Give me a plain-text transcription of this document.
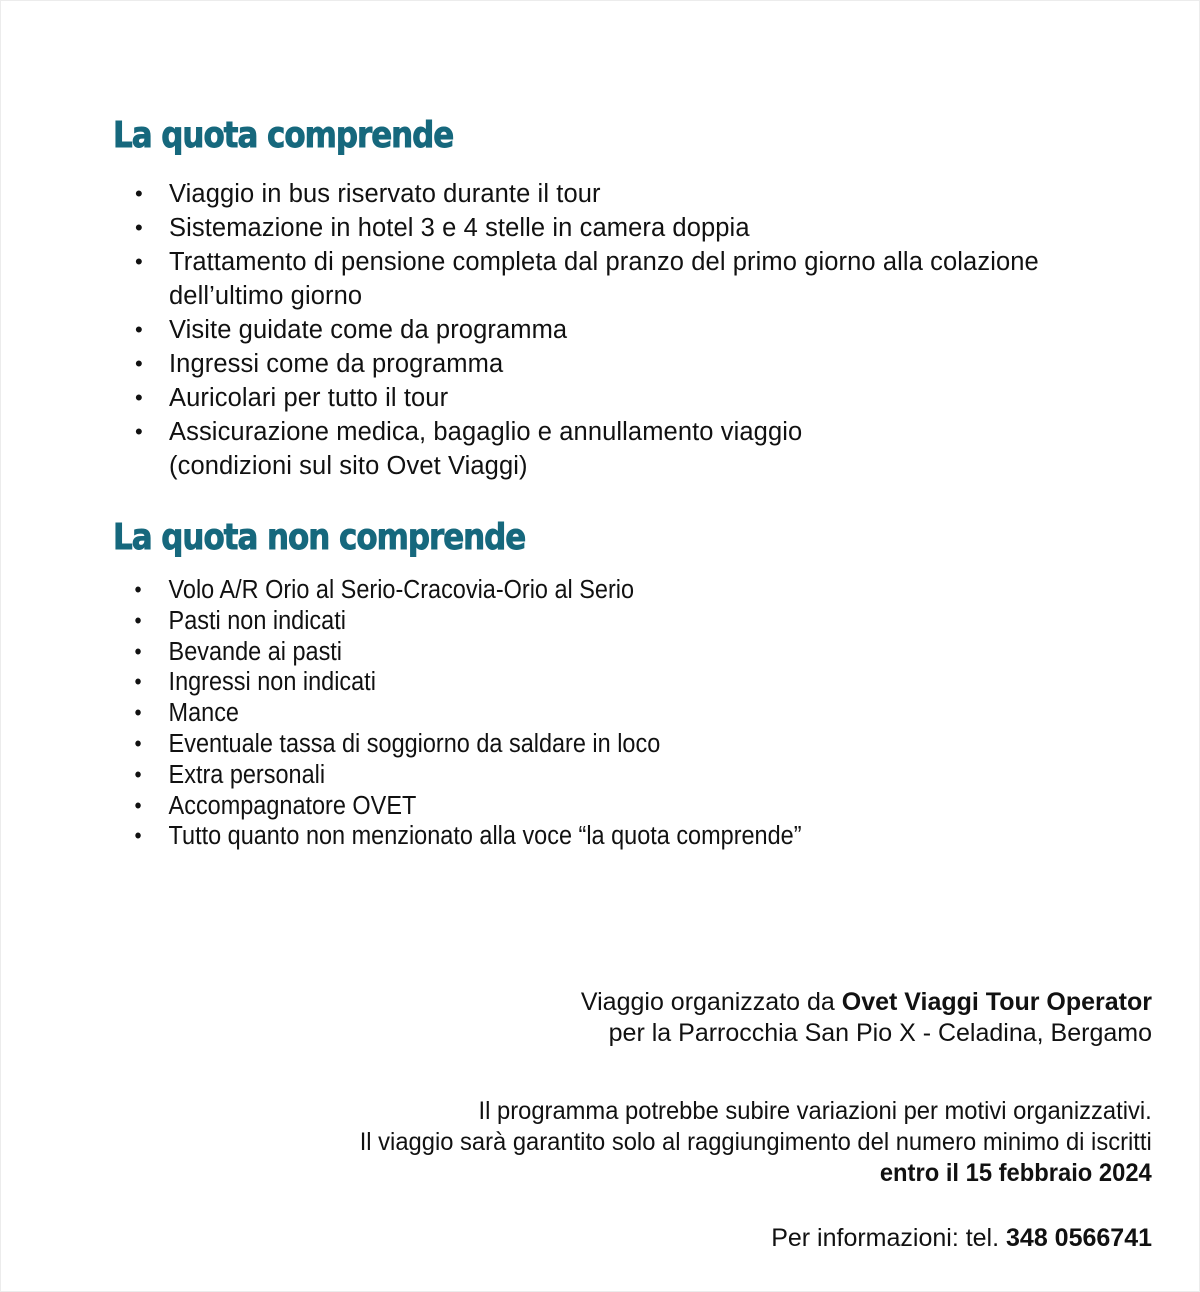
La quota comprende
• Viaggio in bus riservato durante il tour
• Sistemazione in hotel 3 e 4 stelle in camera doppia
• Trattamento di pensione completa dal pranzo del primo giorno alla colazione
dell’ultimo giorno
• Visite guidate come da programma
• Ingressi come da programma
• Auricolari per tutto il tour
• Assicurazione medica, bagaglio e annullamento viaggio
(condizioni sul sito Ovet Viaggi)
La quota non comprende
• Volo A/R Orio al Serio-Cracovia-Orio al Serio
• Pasti non indicati
• Bevande ai pasti
• Ingressi non indicati
• Mance
• Eventuale tassa di soggiorno da saldare in loco
• Extra personali
• Accompagnatore OVET
• Tutto quanto non menzionato alla voce “la quota comprende”
Viaggio organizzato da Ovet Viaggi Tour Operator
per la Parrocchia San Pio X - Celadina, Bergamo
Il programma potrebbe subire variazioni per motivi organizzativi.
Il viaggio sarà garantito solo al raggiungimento del numero minimo di iscritti
entro il 15 febbraio 2024
Per informazioni: tel. 348 0566741
